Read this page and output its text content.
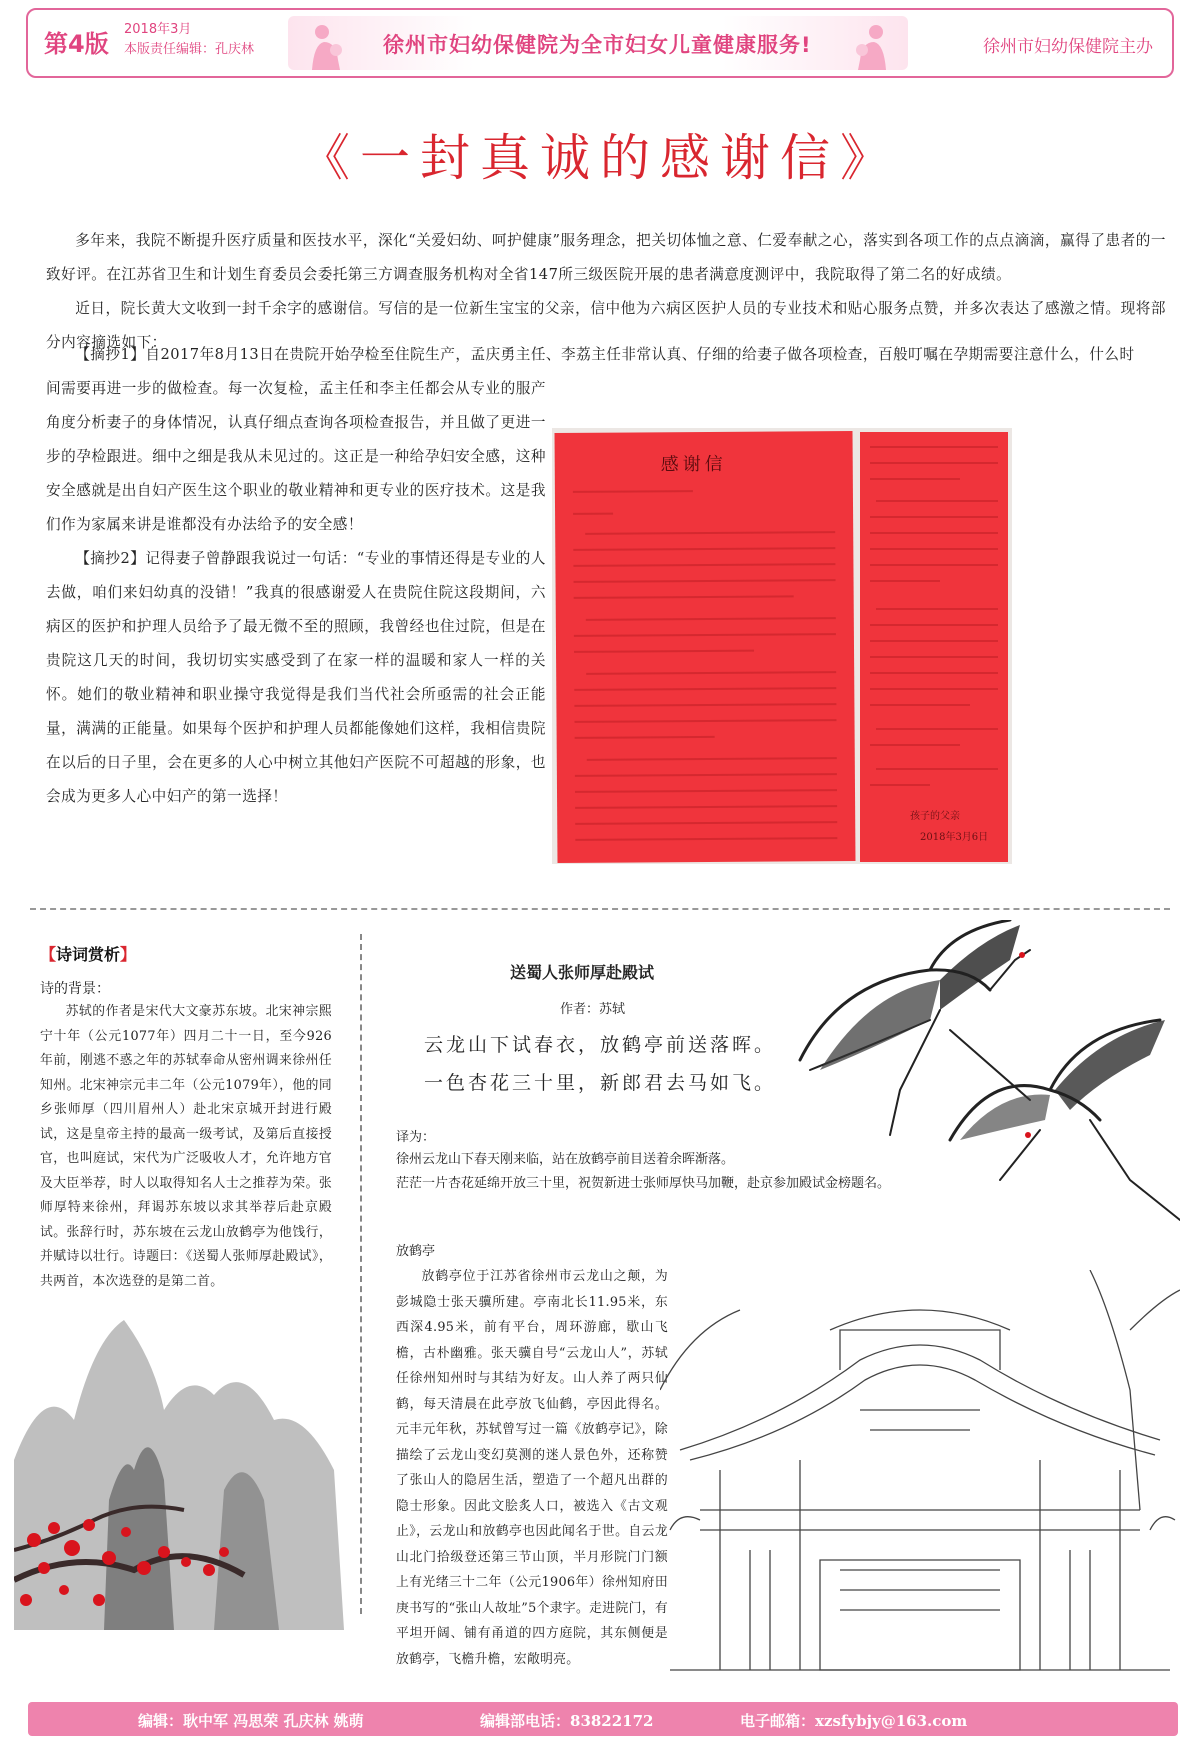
第4版
2018年3月
本版责任编辑：孔庆林	徐州市妇幼保健院为全市妇女儿童健康服务!	徐州市妇幼保健院主办
《一封真诚的感谢信》

多年来，我院不断提升医疗质量和医技水平，深化“关爱妇幼、呵护健康”服务理念，把关切体恤之意、仁爱奉献之心，落实到各项工作的点点滴滴，赢得了患者的一致好评。在江苏省卫生和计划生育委员会委托第三方调查服务机构对全省147所三级医院开展的患者满意度测评中，我院取得了第二名的好成绩。

近日，院长黄大文收到一封千余字的感谢信。写信的是一位新生宝宝的父亲，信中他为六病区医护人员的专业技术和贴心服务点赞，并多次表达了感激之情。现将部分内容摘选如下：

【摘抄1】自2017年8月13日在贵院开始孕检至住院生产，孟庆勇主任、李荔主任非常认真、仔细的给妻子做各项检查，百般叮嘱在孕期需要注意什么，什么时

间需要再进一步的做检查。每一次复检，孟主任和李主任都会从专业的服产角度分析妻子的身体情况，认真仔细点查询各项检查报告，并且做了更进一步的孕检跟进。细中之细是我从未见过的。这正是一种给孕妇安全感，这种安全感就是出自妇产医生这个职业的敬业精神和更专业的医疗技术。这是我们作为家属来讲是谁都没有办法给予的安全感！

【摘抄2】记得妻子曾静跟我说过一句话：“专业的事情还得是专业的人去做，咱们来妇幼真的没错！”我真的很感谢爱人在贵院住院这段期间，六病区的医护和护理人员给予了最无微不至的照顾，我曾经也住过院，但是在贵院这几天的时间，我切切实实感受到了在家一样的温暖和家人一样的关怀。她们的敬业精神和职业操守我觉得是我们当代社会所亟需的社会正能量，满满的正能量。如果每个医护和护理人员都能像她们这样，我相信贵院在以后的日子里，会在更多的人心中树立其他妇产医院不可超越的形象，也会成为更多人心中妇产的第一选择！

感谢信
孩子的父亲
2018年3月6日
【诗词赏析】
诗的背景：

苏轼的作者是宋代大文豪苏东坡。北宋神宗熙宁十年（公元1077年）四月二十一日，至今926年前，刚逃不惑之年的苏轼奉命从密州调来徐州任知州。北宋神宗元丰二年（公元1079年），他的同乡张师厚（四川眉州人）赴北宋京城开封进行殿试，这是皇帝主持的最高一级考试，及第后直接授官，也叫庭试，宋代为广泛吸收人才，允许地方官及大臣举荐，时人以取得知名人士之推荐为荣。张师厚特来徐州，拜谒苏东坡以求其举荐后赴京殿试。张辞行时，苏东坡在云龙山放鹤亭为他饯行，并赋诗以壮行。诗题曰：《送蜀人张师厚赴殿试》，共两首，本次选登的是第二首。

送蜀人张师厚赴殿试
作者：苏轼
云龙山下试春衣，放鹤亭前送落晖。
一色杏花三十里，新郎君去马如飞。
译为：
徐州云龙山下春天刚来临，站在放鹤亭前目送着余晖渐落。
茫茫一片杏花延绵开放三十里，祝贺新进士张师厚快马加鞭，赴京参加殿试金榜题名。
放鹤亭

放鹤亭位于江苏省徐州市云龙山之颠，为彭城隐士张天骥所建。亭南北长11.95米，东西深4.95米，前有平台，周环游廊，歇山飞檐，古朴幽雅。张天骥自号“云龙山人”，苏轼任徐州知州时与其结为好友。山人养了两只仙鹤，每天清晨在此亭放飞仙鹤，亭因此得名。元丰元年秋，苏轼曾写过一篇《放鹤亭记》，除描绘了云龙山变幻莫测的迷人景色外，还称赞了张山人的隐居生活，塑造了一个超凡出群的隐士形象。因此文脍炙人口，被选入《古文观止》，云龙山和放鹤亭也因此闻名于世。自云龙山北门拾级登还第三节山顶，半月形院门门额上有光绪三十二年（公元1906年）徐州知府田庚书写的“张山人故址”5个隶字。走进院门，有平坦开阔、铺有甬道的四方庭院，其东侧便是放鹤亭，飞檐升檐，宏敞明亮。

编辑：耿中军 冯思荣 孔庆林 姚萌	编辑部电话：83822172	电子邮箱：xzsfybjy@163.com
